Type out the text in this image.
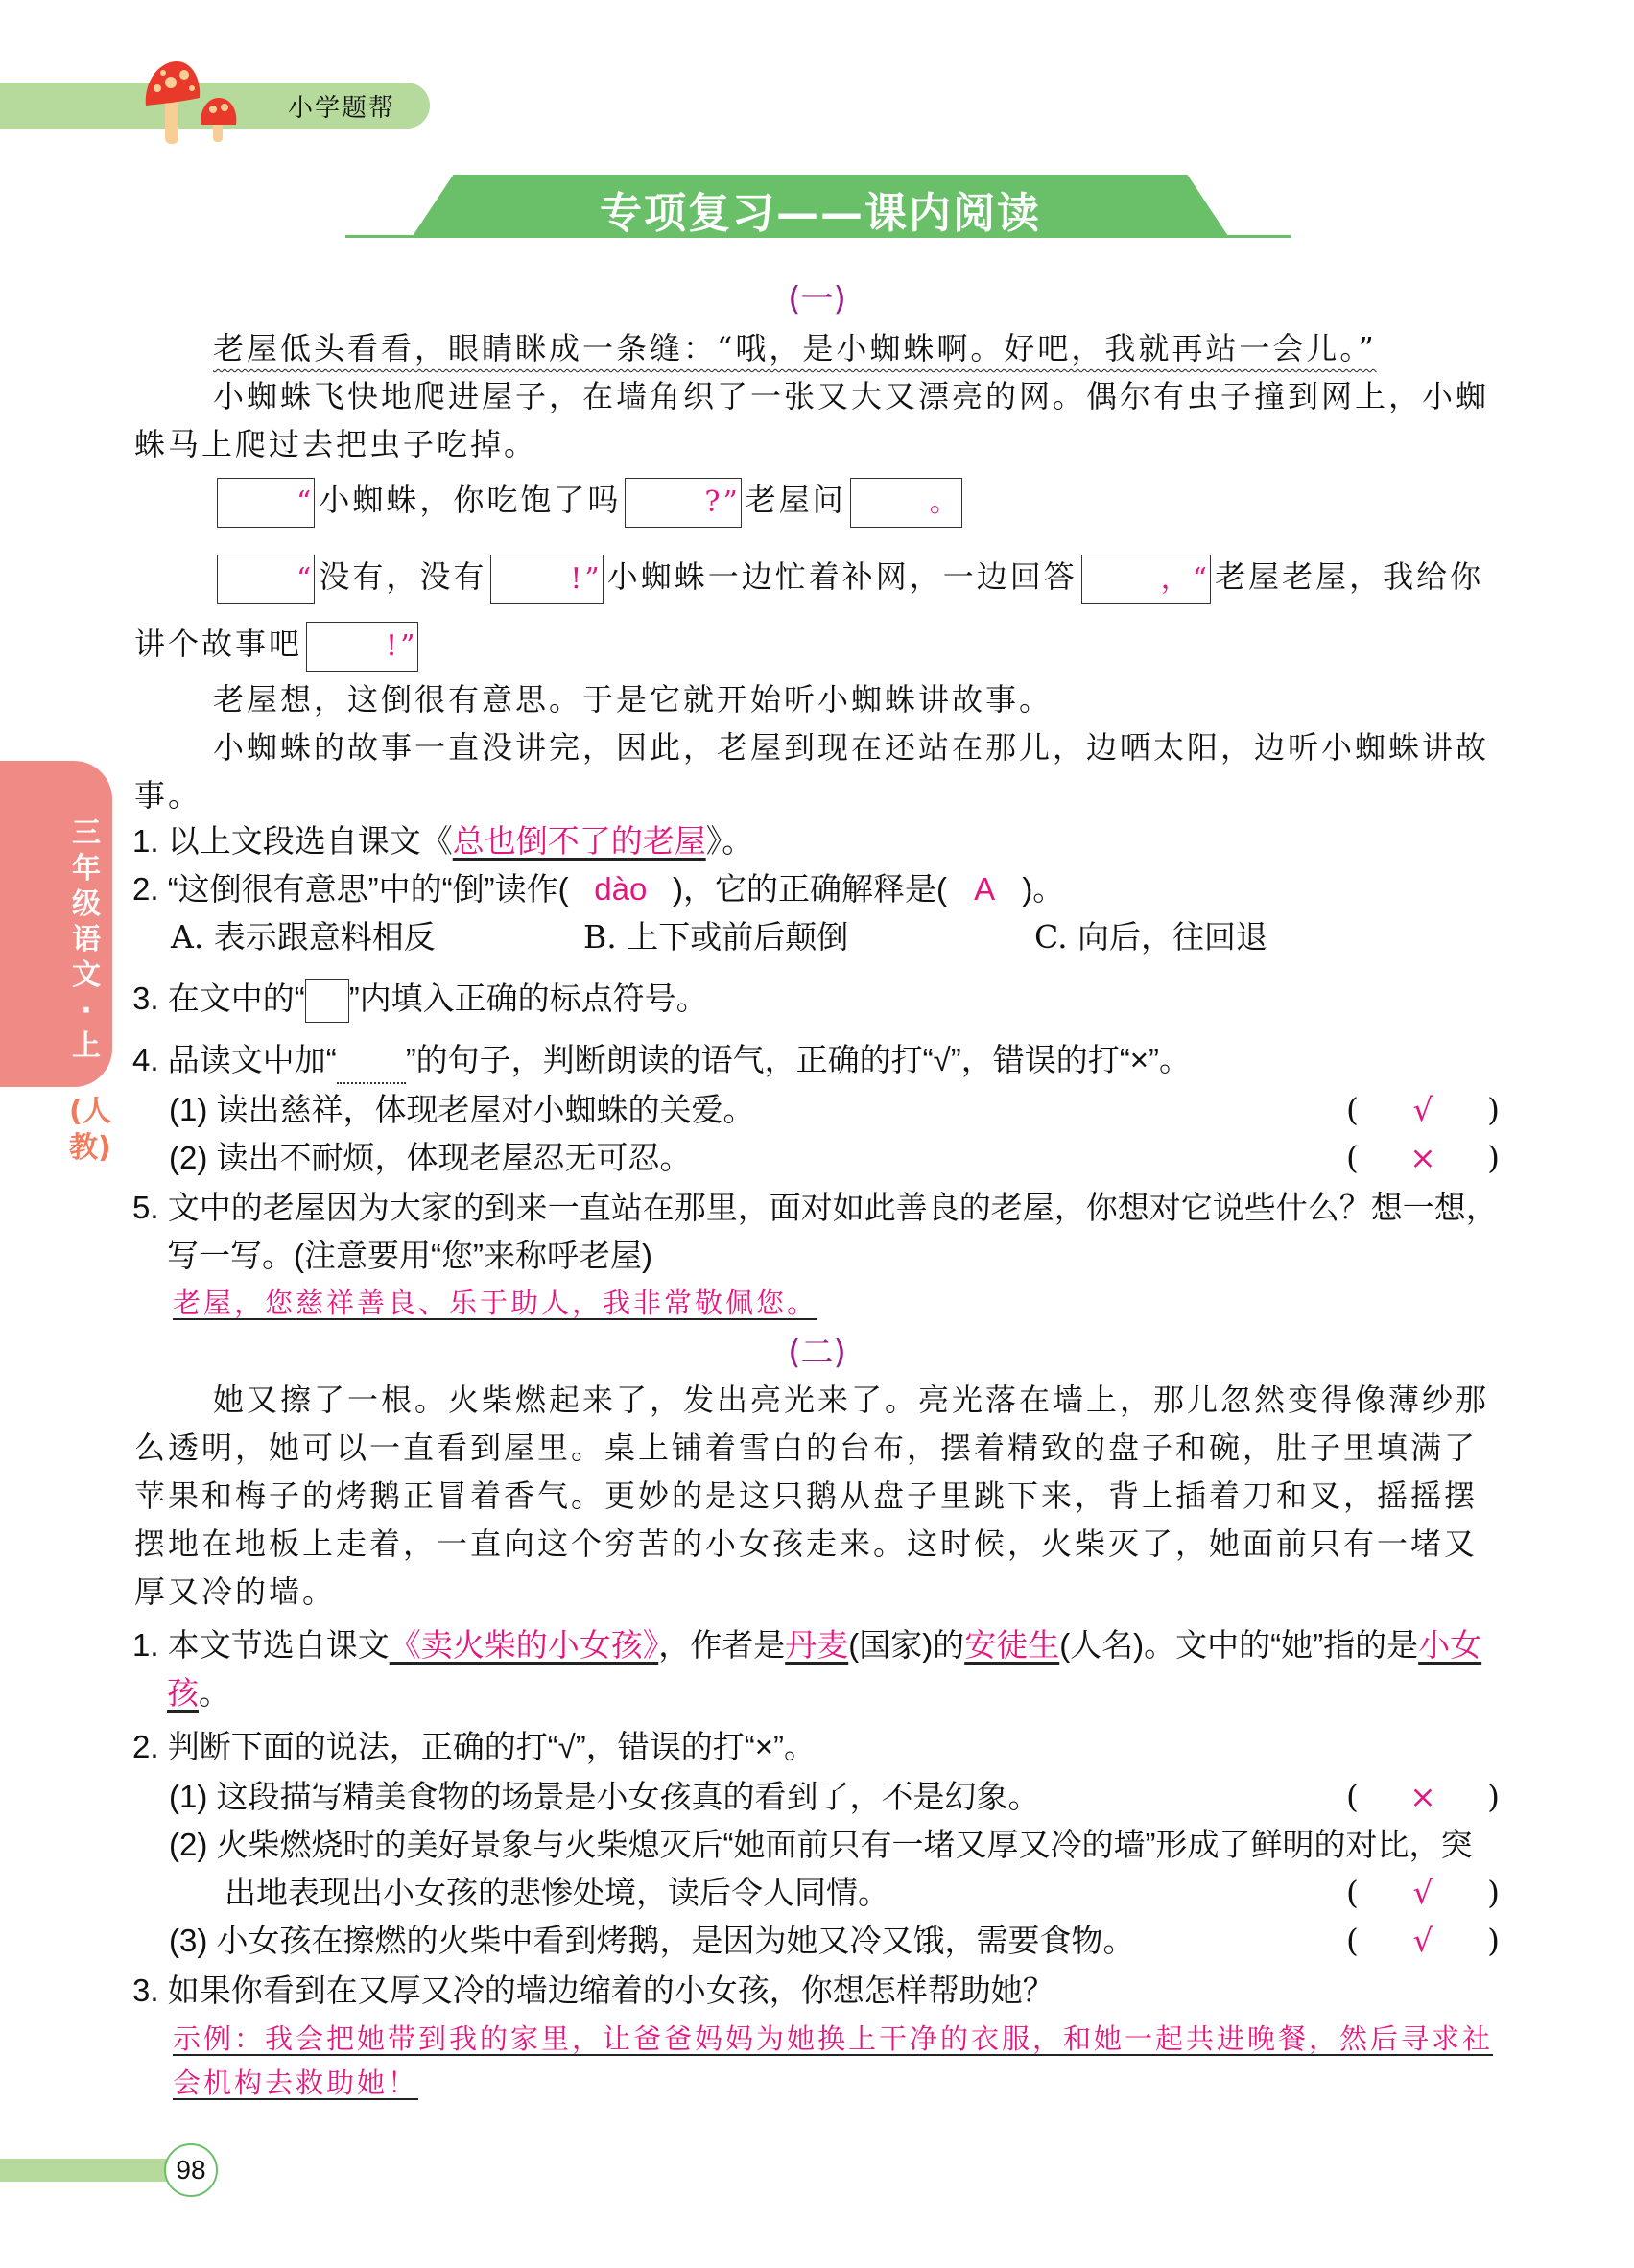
小学题帮
专项复习——课内阅读
三年级语文·上
(人教)
(一)
老屋低头看看，眼睛眯成一条缝：“哦，是小蜘蛛啊。好吧，我就再站一会儿。”
小蜘蛛飞快地爬进屋子，在墙角织了一张又大又漂亮的网。偶尔有虫子撞到网上，小蜘蛛马上爬过去把虫子吃掉。
“ 小蜘蛛，你吃饱了吗	?” 老屋问	。
“ 没有，没有	!” 小蜘蛛一边忙着补网，一边回答	，“ 老屋老屋，我给你讲个故事吧	!”
老屋想，这倒很有意思。于是它就开始听小蜘蛛讲故事。
小蜘蛛的故事一直没讲完，因此，老屋到现在还站在那儿，边晒太阳，边听小蜘蛛讲故事。
1. 以上文段选自课文《总也倒不了的老屋》。
2. “这倒很有意思”中的“倒”读作( dào )，它的正确解释是( A )。
A. 表示跟意料相反	B. 上下或前后颠倒	C. 向后，往回退
3. 在文中的“ ”内填入正确的标点符号。
4. 品读文中加“ ”的句子，判断朗读的语气，正确的打“√”，错误的打“×”。
(1) 读出慈祥，体现老屋对小蜘蛛的关爱。	( √ )
(2) 读出不耐烦，体现老屋忍无可忍。	( × )
5. 文中的老屋因为大家的到来一直站在那里，面对如此善良的老屋，你想对它说些什么？想一想，写一写。(注意要用“您”来称呼老屋)
老屋，您慈祥善良、乐于助人，我非常敬佩您。
(二)
她又擦了一根。火柴燃起来了，发出亮光来了。亮光落在墙上，那儿忽然变得像薄纱那么透明，她可以一直看到屋里。桌上铺着雪白的台布，摆着精致的盘子和碗，肚子里填满了苹果和梅子的烤鹅正冒着香气。更妙的是这只鹅从盘子里跳下来，背上插着刀和叉，摇摇摆摆地在地板上走着，一直向这个穷苦的小女孩走来。这时候，火柴灭了，她面前只有一堵又厚又冷的墙。
1. 本文节选自课文《卖火柴的小女孩》，作者是丹麦(国家)的安徒生(人名)。文中的“她”指的是小女孩。
2. 判断下面的说法，正确的打“√”，错误的打“×”。
(1) 这段描写精美食物的场景是小女孩真的看到了，不是幻象。	( × )
(2) 火柴燃烧时的美好景象与火柴熄灭后“她面前只有一堵又厚又冷的墙”形成了鲜明的对比，突出地表现出小女孩的悲惨处境，读后令人同情。	( √ )
(3) 小女孩在擦燃的火柴中看到烤鹅，是因为她又冷又饿，需要食物。	( √ )
3. 如果你看到在又厚又冷的墙边缩着的小女孩，你想怎样帮助她？
示例：我会把她带到我的家里，让爸爸妈妈为她换上干净的衣服，和她一起共进晚餐，然后寻求社会机构去救助她！
98
